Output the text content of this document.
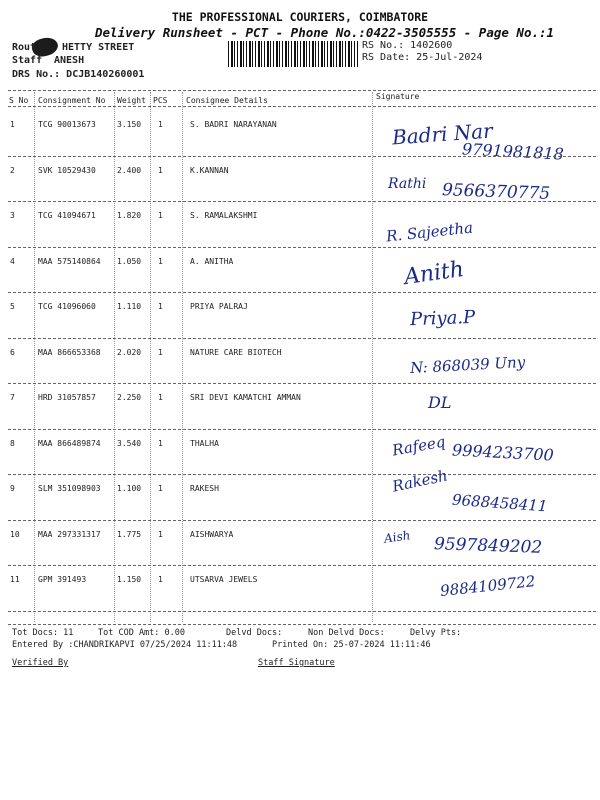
THE PROFESSIONAL COURIERS, COIMBATORE
Delivery Runsheet - PCT - Phone No.:0422-3505555 - Page No.:1
Rout	HETTY STREET
Staff ANESH
DRS No.: DCJB140260001
RS No.: 1402600
RS Date: 25-Jul-2024
S No Consignment No Weight PCS Consignee Details	Signature
1	TCG 90013673	3.150 1	S. BADRI NARAYANAN	Badri Nar
9791981818
2	SVK 10529430	2.400 1	K.KANNAN
Rathi 9566370775
3	TCG 41094671	1.820 1	S. RAMALAKSHMI
R. Sajeetha
4	MAA 575140864 1.050 1	A. ANITHA	Anith
5	TCG 41096060	1.110 1	PRIYA PALRAJ
Priya.P
6	MAA 866653368 2.020 1	NATURE CARE BIOTECH
N: 868039 Uny
7	HRD 31057857	2.250 1	SRI DEVI KAMATCHI AMMAN	DL
8	MAA 866489874 3.540 1	THALHA	Rafeeq 9994233700
9	SLM 351098903 1.100 1	RAKESH	Rakesh
9688458411
10 MAA 297331317 1.775 1	AISHWARYA	Aish 9597849202
11 GPM 391493	1.150 1	UTSARVA JEWELS	9884109722
Tot Docs: 11	Tot COD Amt: 0.00	Delvd Docs:	Non Delvd Docs:	Delvy Pts:
Entered By :CHANDRIKAPVI 07/25/2024 11:11:48	Printed On: 25-07-2024 11:11:46
Verified By	Staff Signature
